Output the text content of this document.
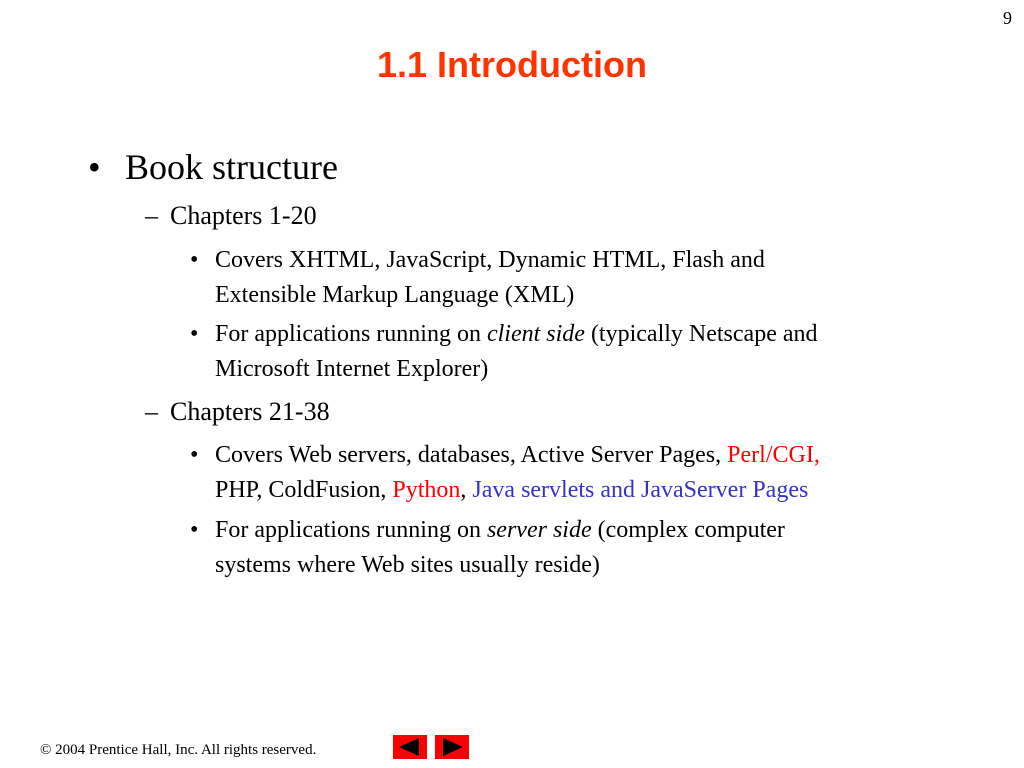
9
1.1 Introduction
• Book structure
– Chapters 1-20
• Covers XHTML, JavaScript, Dynamic HTML, Flash and
Extensible Markup Language (XML)
• For applications running on client side (typically Netscape and
Microsoft Internet Explorer)
– Chapters 21-38
• Covers Web servers, databases, Active Server Pages, Perl/CGI,
PHP, ColdFusion, Python, Java servlets and JavaServer Pages
• For applications running on server side (complex computer
systems where Web sites usually reside)
© 2004 Prentice Hall, Inc. All rights reserved.
